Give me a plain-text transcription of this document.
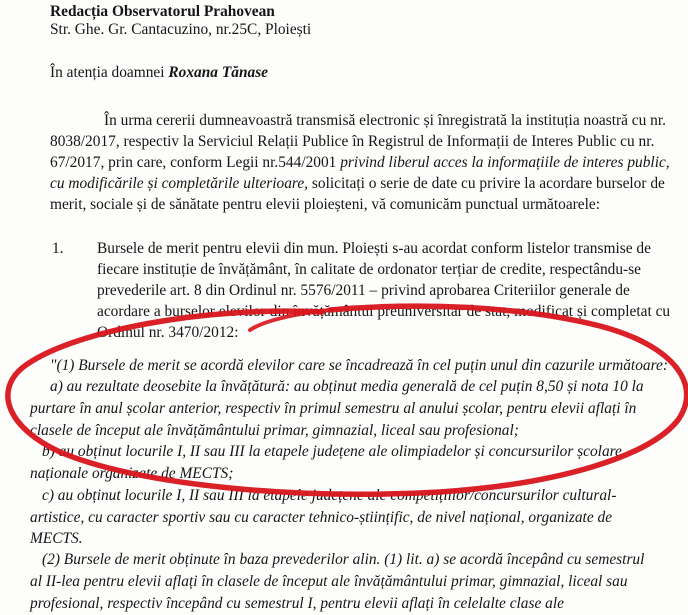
Redacția Observatorul Prahovean
Str. Ghe. Gr. Cantacuzino, nr.25C, Ploiești
În atenția doamnei Roxana Tănase
În urma cererii dumneavoastră transmisă electronic și înregistrată la instituția noastră cu nr.
8038/2017, respectiv la Serviciul Relații Publice în Registrul de Informații de Interes Public cu nr.
67/2017, prin care, conform Legii nr.544/2001 privind liberul acces la informațiile de interes public,
cu modificările și completările ulterioare, solicitați o serie de date cu privire la acordare burselor de
merit, sociale și de sănătate pentru elevii ploieșteni, vă comunicăm punctual următoarele:
1. Bursele de merit pentru elevii din mun. Ploiești s-au acordat conform listelor transmise de
fiecare instituție de învățământ, în calitate de ordonator terțiar de credite, respectându-se
prevederile art. 8 din Ordinul nr. 5576/2011 – privind aprobarea Criteriilor generale de
acordare a burselor elevilor din învățământul preuniversitar de stat, modificat și completat cu
Ordinul nr. 3470/2012:
"(1) Bursele de merit se acordă elevilor care se încadrează în cel puțin unul din cazurile următoare:
a) au rezultate deosebite la învățătură: au obținut media generală de cel puțin 8,50 și nota 10 la
purtare în anul școlar anterior, respectiv în primul semestru al anului școlar, pentru elevii aflați în
clasele de început ale învățământului primar, gimnazial, liceal sau profesional;
b) au obținut locurile I, II sau III la etapele județene ale olimpiadelor și concursurilor școlare
naționale organizate de MECTS;
c) au obținut locurile I, II sau III la etapele județene ale competițiilor/concursurilor cultural-
artistice, cu caracter sportiv sau cu caracter tehnico-științific, de nivel național, organizate de
MECTS.
(2) Bursele de merit obținute în baza prevederilor alin. (1) lit. a) se acordă începând cu semestrul
al II-lea pentru elevii aflați în clasele de început ale învățământului primar, gimnazial, liceal sau
profesional, respectiv începând cu semestrul I, pentru elevii aflați în celelalte clase ale
